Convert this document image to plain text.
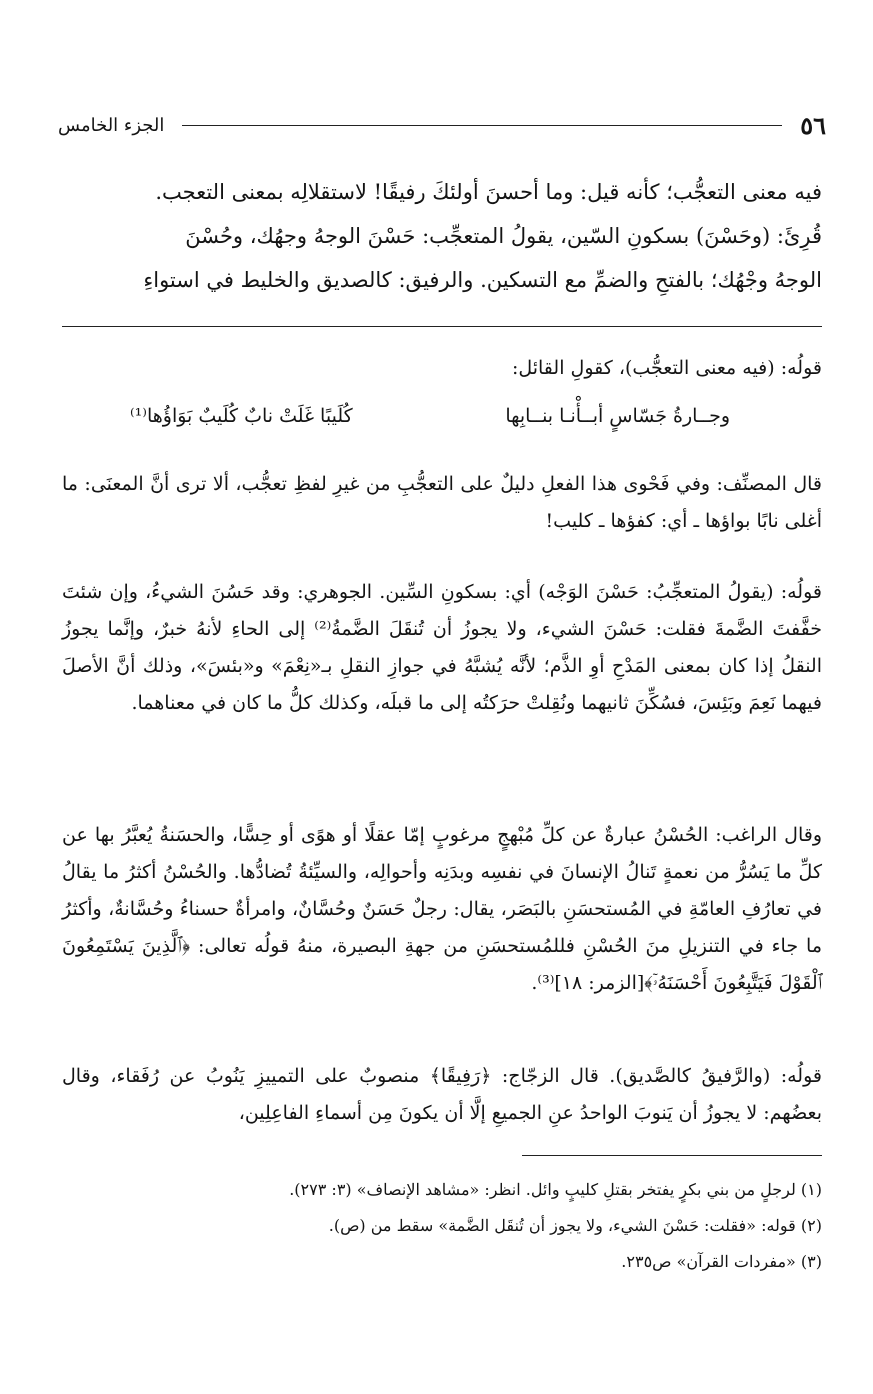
٥٦
الجزء الخامس
فيه معنى التعجُّب؛ كأنه قيل: وما أحسنَ أولئكَ رفيقًا! لاستقلالِه بمعنى التعجب.
قُرِئَ: (وحَسْنَ) بسكونِ السّين، يقولُ المتعجِّب: حَسْنَ الوجهُ وجهُك، وحُسْنَ
الوجهُ وجْهُك؛ بالفتحِ والضمِّ مع التسكين. والرفيق: كالصديق والخليط في استواءِ
قولُه: (فيه معنى التعجُّب)، كقولِ القائل:
وجــارةُ جَسّاسٍ أبــأْنـا بنــابِها
كُلَيبًا غَلَتْ نابٌ كُلَيبٌ بَوَاؤُها⁽¹⁾
قال المصنِّف: وفي فَحْوى هذا الفعلِ دليلٌ على التعجُّبِ من غيرِ لفظِ تعجُّب، ألا ترى أنَّ المعنَى: ما أغلى نابًا بواؤها ـ أي: كفؤها ـ كليب!
قولُه: (يقولُ المتعجِّبُ: حَسْنَ الوَجْه) أي: بسكونِ السِّين. الجوهري: وقد حَسُنَ الشيءُ، وإن شئتَ خفَّفتَ الضَّمةَ فقلت: حَسْنَ الشيء، ولا يجوزُ أن تُنقَلَ الضَّمةُ⁽²⁾ إلى الحاءِ لأنهُ خبرٌ، وإنَّما يجوزُ النقلُ إذا كان بمعنى المَدْحِ أوِ الذَّم؛ لأنَّه يُشبَّهُ في جوازِ النقلِ بـ«نِعْمَ» و«بئسَ»، وذلك أنَّ الأصلَ فيهما نَعِمَ وبَئِسَ، فسُكِّنَ ثانيهما ونُقِلتْ حرَكتُه إلى ما قبلَه، وكذلك كلُّ ما كان في معناهما.
وقال الراغب: الحُسْنُ عبارةٌ عن كلِّ مُبْهجٍ مرغوبٍ إمّا عقلًا أو هوًى أو حِسًّا، والحسَنةُ يُعبَّرُ بها عن كلِّ ما يَسُرُّ من نعمةٍ تَنالُ الإنسانَ في نفسِه وبدَنِه وأحوالِه، والسيِّئةُ تُضادُّها. والحُسْنُ أكثرُ ما يقالُ في تعارُفِ العامّةِ في المُستحسَنِ بالبَصَر، يقال: رجلٌ حَسَنٌ وحُسَّانٌ، وامرأةٌ حسناءُ وحُسَّانةٌ، وأكثرُ ما جاء في التنزيلِ منَ الحُسْنِ فللمُستحسَنِ من جهةِ البصيرة، منهُ قولُه تعالى: ﴿ٱلَّذِينَ يَسْتَمِعُونَ ٱلْقَوْلَ فَيَتَّبِعُونَ أَحْسَنَهُۥٓ﴾[الزمر: ١٨]⁽³⁾.
قولُه: (والرَّفيقُ كالصَّديق). قال الزجّاج: ﴿رَفِيقًا﴾ منصوبٌ على التمييزِ يَنُوبُ عن رُفَقاء، وقال بعضُهم: لا يجوزُ أن يَنوبَ الواحدُ عنِ الجميعِ إلَّا أن يكونَ مِن أسماءِ الفاعِلِين،
(١) لرجلٍ من بني بكرٍ يفتخر بقتلِ كليبٍ وائل. انظر: «مشاهد الإنصاف» (٣: ٢٧٣).
(٢) قوله: «فقلت: حَسْنَ الشيء، ولا يجوز أن تُنقَل الضَّمة» سقط من (ص).
(٣) «مفردات القرآن» ص٢٣٥.
